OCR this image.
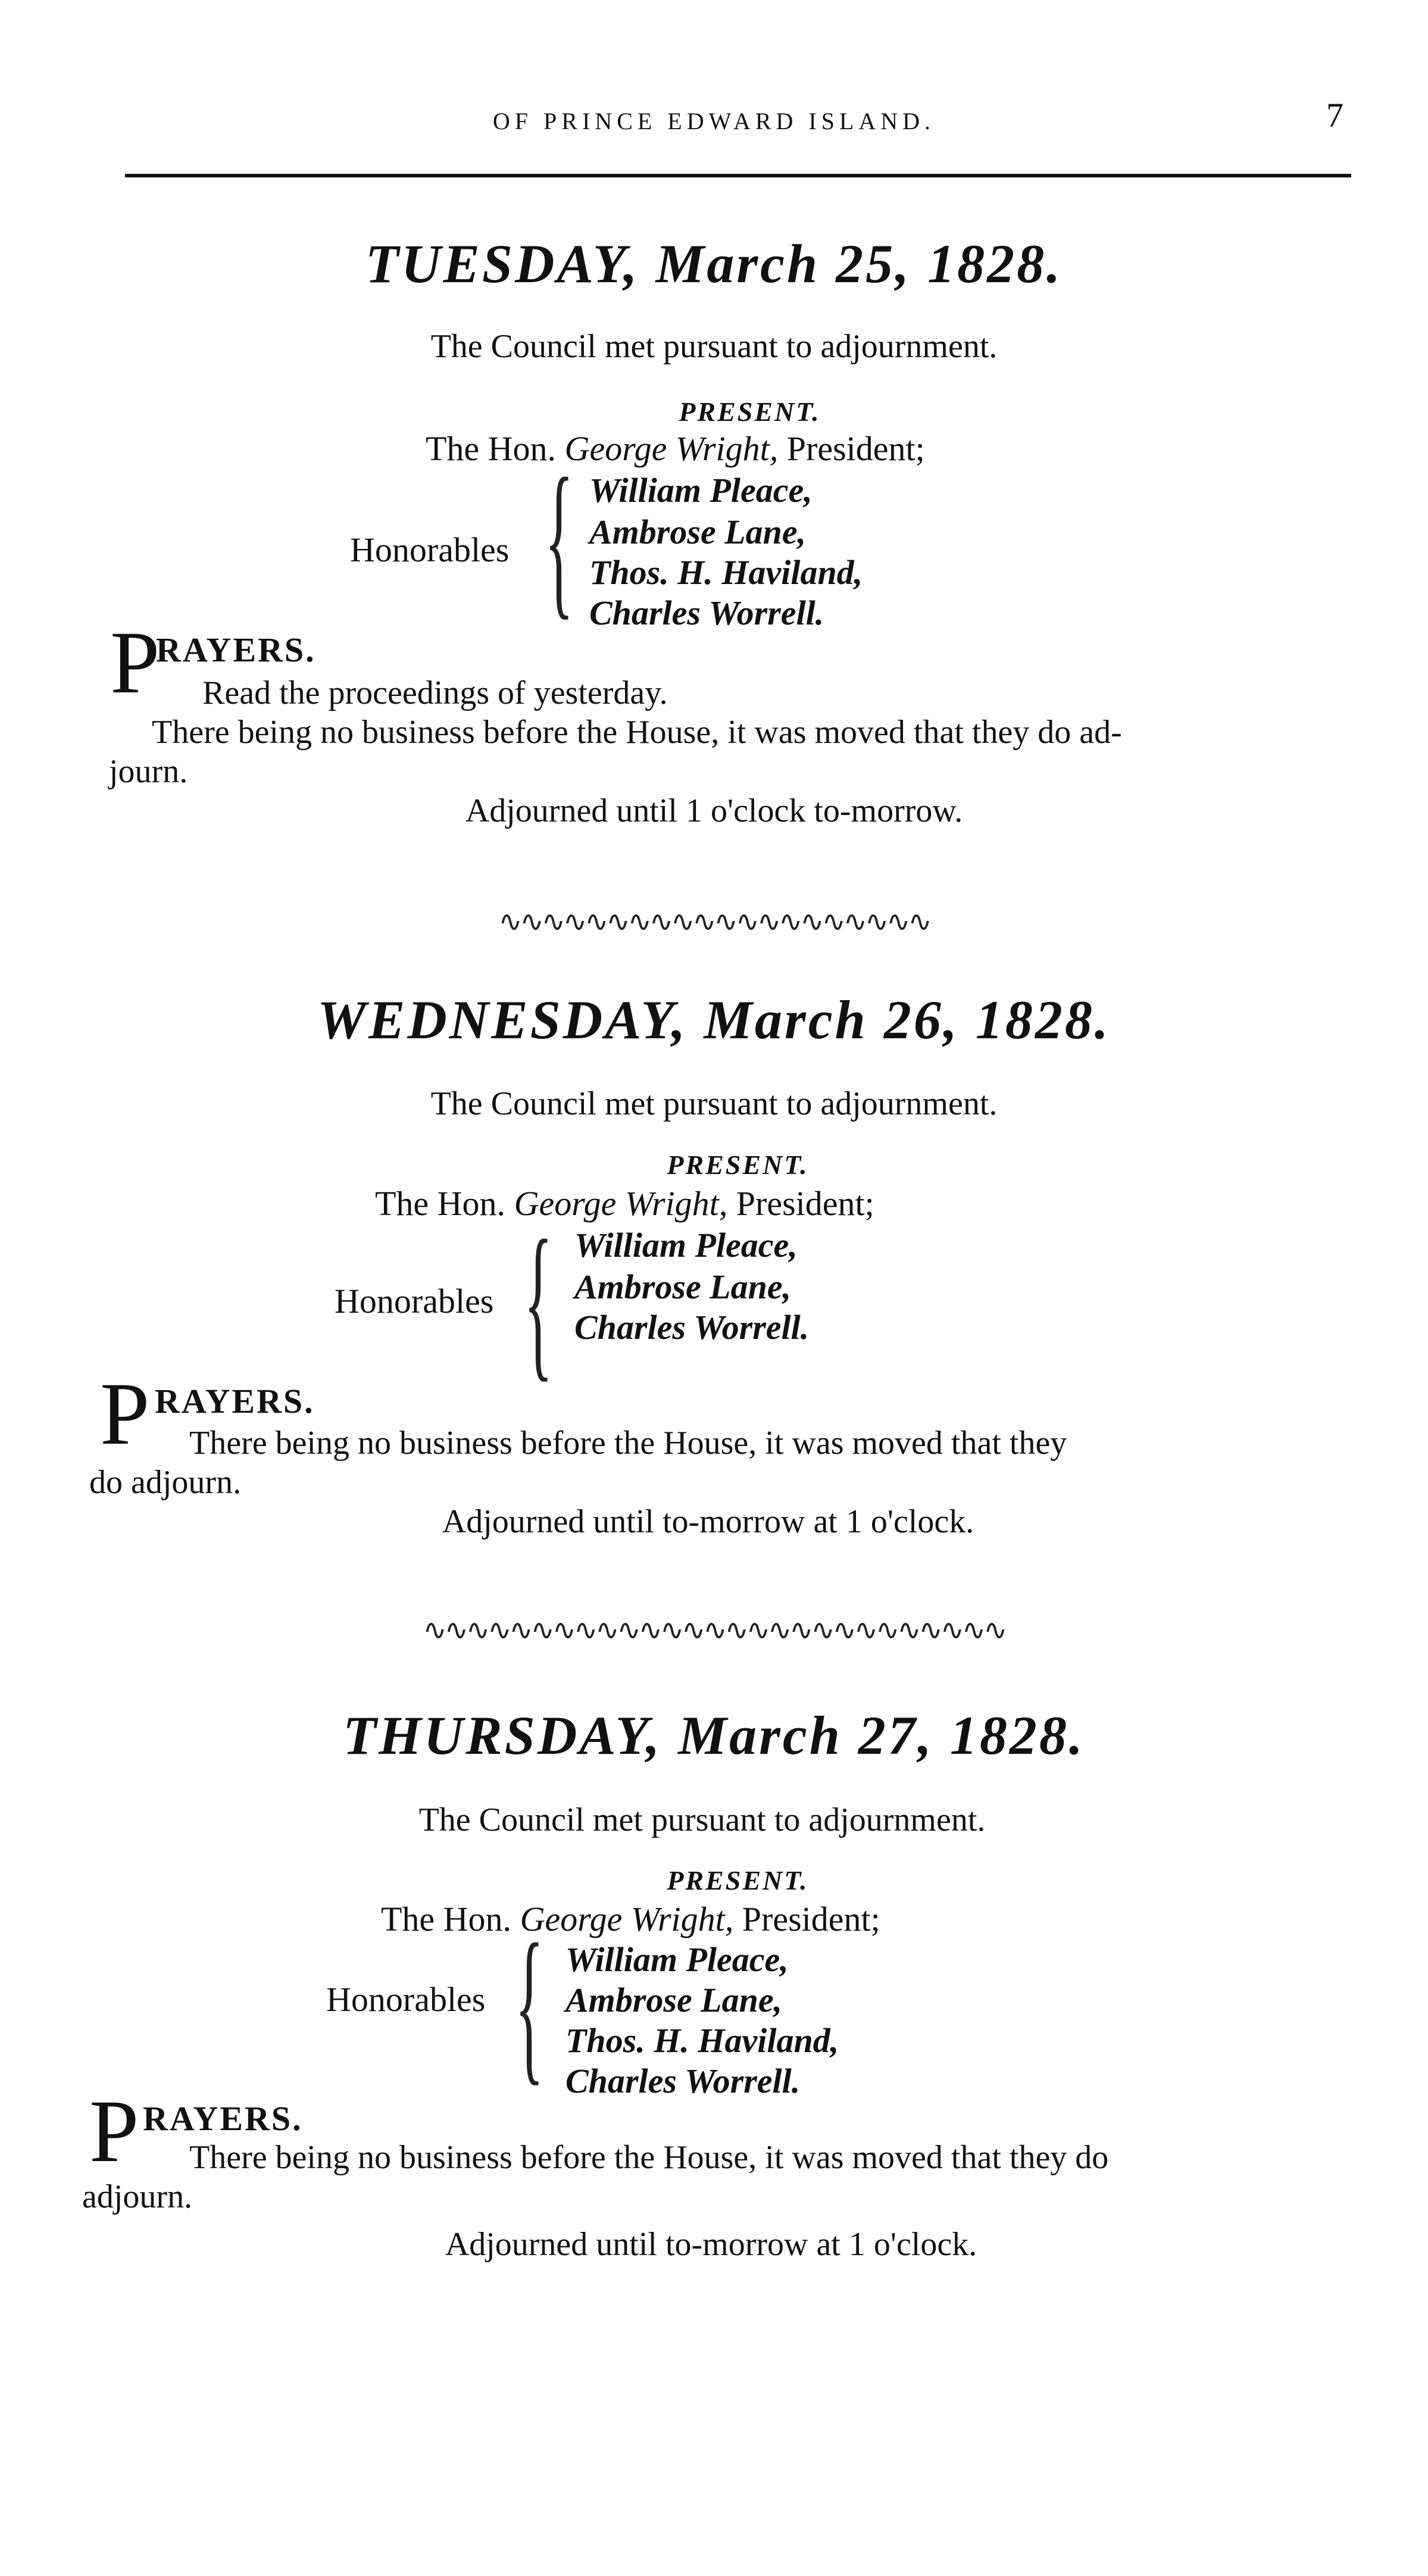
OF PRINCE EDWARD ISLAND.	7
TUESDAY, March 25, 1828.
The Council met pursuant to adjournment.
PRESENT.
The Hon. George Wright, President;
Honorables { William Pleace,
Ambrose Lane,
Thos. H. Haviland,
Charles Worrell.
P
RAYERS.
Read the proceedings of yesterday.
There being no business before the House, it was moved that they do ad-
journ.
Adjourned until 1 o'clock to-morrow.
∿∿∿∿∿∿∿∿∿∿∿∿∿∿∿∿∿∿∿∿
WEDNESDAY, March 26, 1828.
The Council met pursuant to adjournment.
PRESENT.
The Hon. George Wright, President;
Honorables { William Pleace,
Ambrose Lane,
Charles Worrell.
P RAYERS.
There being no business before the House, it was moved that they
do adjourn.
Adjourned until to-morrow at 1 o'clock.
∿∿∿∿∿∿∿∿∿∿∿∿∿∿∿∿∿∿∿∿∿∿∿∿∿∿∿
THURSDAY, March 27, 1828.
The Council met pursuant to adjournment.
PRESENT.
The Hon. George Wright, President;
Honorables { William Pleace,
Ambrose Lane,
Thos. H. Haviland,
Charles Worrell.
P RAYERS.
There being no business before the House, it was moved that they do
adjourn.
Adjourned until to-morrow at 1 o'clock.
